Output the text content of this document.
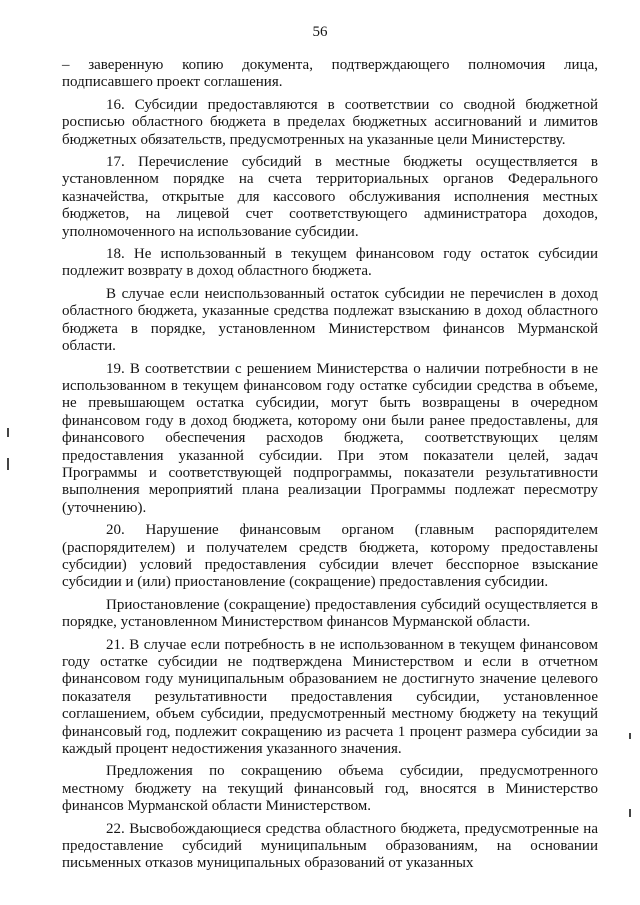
56

– заверенную копию документа, подтверждающего полномочия лица, подписавшего проект соглашения.

16. Субсидии предоставляются в соответствии со сводной бюджетной росписью областного бюджета в пределах бюджетных ассигнований и лимитов бюджетных обязательств, предусмотренных на указанные цели Министерству.

17. Перечисление субсидий в местные бюджеты осуществляется в установленном порядке на счета территориальных органов Федерального казначейства, открытые для кассового обслуживания исполнения местных бюджетов, на лицевой счет соответствующего администратора доходов, уполномоченного на использование субсидии.

18. Не использованный в текущем финансовом году остаток субсидии подлежит возврату в доход областного бюджета.

В случае если неиспользованный остаток субсидии не перечислен в доход областного бюджета, указанные средства подлежат взысканию в доход областного бюджета в порядке, установленном Министерством финансов Мурманской области.

19. В соответствии с решением Министерства о наличии потребности в не использованном в текущем финансовом году остатке субсидии средства в объеме, не превышающем остатка субсидии, могут быть возвращены в очередном финансовом году в доход бюджета, которому они были ранее предоставлены, для финансового обеспечения расходов бюджета, соответствующих целям предоставления указанной субсидии. При этом показатели целей, задач Программы и соответствующей подпрограммы, показатели результативности выполнения мероприятий плана реализации Программы подлежат пересмотру (уточнению).

20. Нарушение финансовым органом (главным распорядителем (распорядителем) и получателем средств бюджета, которому предоставлены субсидии) условий предоставления субсидии влечет бесспорное взыскание субсидии и (или) приостановление (сокращение) предоставления субсидии.

Приостановление (сокращение) предоставления субсидий осуществляется в порядке, установленном Министерством финансов Мурманской области.

21. В случае если потребность в не использованном в текущем финансовом году остатке субсидии не подтверждена Министерством и если в отчетном финансовом году муниципальным образованием не достигнуто значение целевого показателя результативности предоставления субсидии, установленное соглашением, объем субсидии, предусмотренный местному бюджету на текущий финансовый год, подлежит сокращению из расчета 1 процент размера субсидии за каждый процент недостижения указанного значения.

Предложения по сокращению объема субсидии, предусмотренного местному бюджету на текущий финансовый год, вносятся в Министерство финансов Мурманской области Министерством.

22. Высвобождающиеся средства областного бюджета, предусмотренные на предоставление субсидий муниципальным образованиям, на основании письменных отказов муниципальных образований от указанных
